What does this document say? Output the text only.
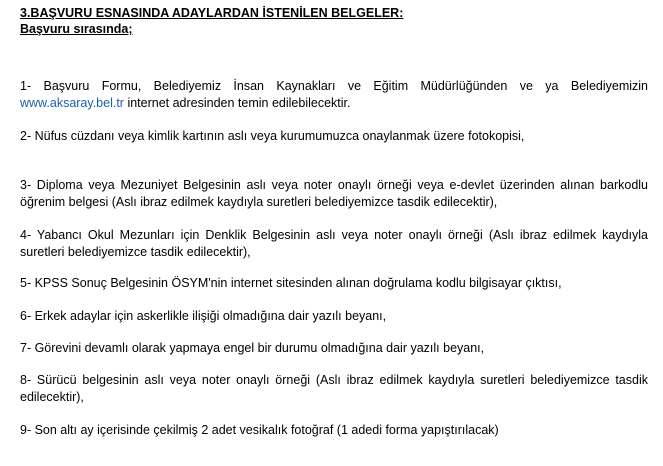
3.BAŞVURU ESNASINDA ADAYLARDAN İSTENİLEN BELGELER:
Başvuru sırasında;
1- Başvuru Formu, Belediyemiz İnsan Kaynakları ve Eğitim Müdürlüğünden ve ya Belediyemizin www.aksaray.bel.tr internet adresinden temin edilebilecektir.
2- Nüfus cüzdanı veya kimlik kartının aslı veya kurumumuzca onaylanmak üzere fotokopisi,
3- Diploma veya Mezuniyet Belgesinin aslı veya noter onaylı örneği veya e-devlet üzerinden alınan barkodlu öğrenim belgesi (Aslı ibraz edilmek kaydıyla suretleri belediyemizce tasdik edilecektir),
4- Yabancı Okul Mezunları için Denklik Belgesinin aslı veya noter onaylı örneği (Aslı ibraz edilmek kaydıyla suretleri belediyemizce tasdik edilecektir),
5- KPSS Sonuç Belgesinin ÖSYM'nin internet sitesinden alınan doğrulama kodlu bilgisayar çıktısı,
6- Erkek adaylar için askerlikle ilişiği olmadığına dair yazılı beyanı,
7- Görevini devamlı olarak yapmaya engel bir durumu olmadığına dair yazılı beyanı,
8- Sürücü belgesinin aslı veya noter onaylı örneği (Aslı ibraz edilmek kaydıyla suretleri belediyemizce tasdik edilecektir),
9- Son altı ay içerisinde çekilmiş 2 adet vesikalık fotoğraf (1 adedi forma yapıştırılacak)
